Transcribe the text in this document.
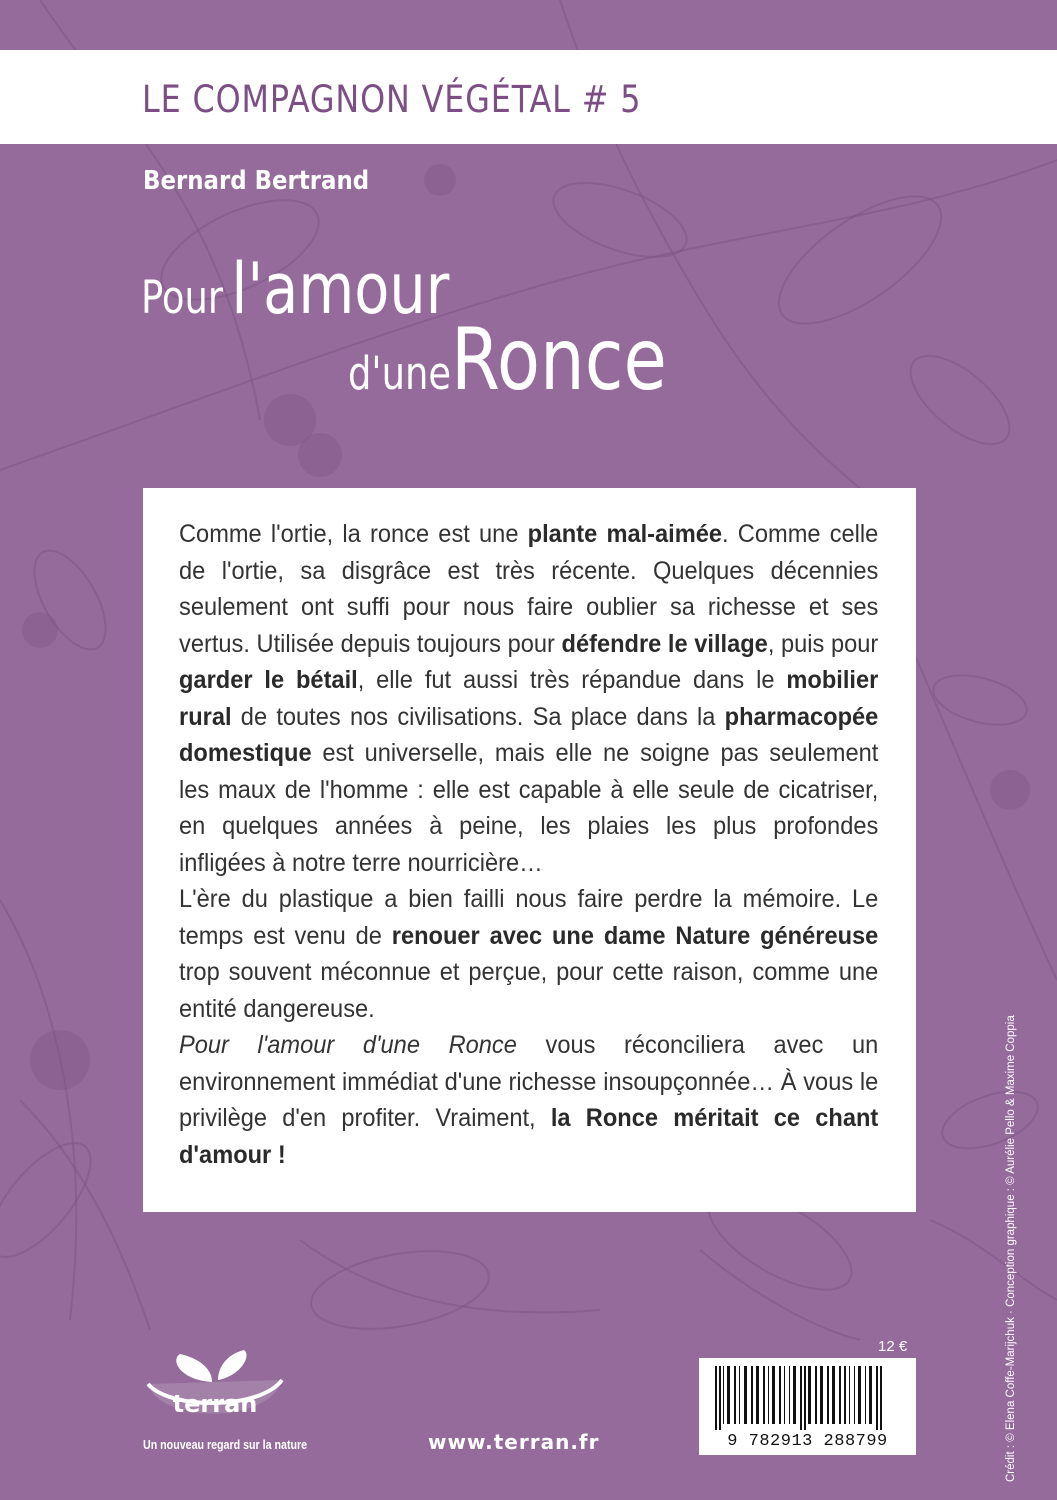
LE COMPAGNON VÉGÉTAL # 5

Bernard Bertrand

Pour l'amour
d'uneRonce

Comme l'ortie, la ronce est une plante mal-aimée. Comme celle de l'ortie, sa disgrâce est très récente. Quelques décennies seulement ont suffi pour nous faire oublier sa richesse et ses vertus. Utilisée depuis toujours pour défendre le village, puis pour garder le bétail, elle fut aussi très répandue dans le mobilier rural de toutes nos civilisations. Sa place dans la pharmacopée domestique est universelle, mais elle ne soigne pas seulement les maux de l'homme : elle est capable à elle seule de cicatriser, en quelques années à peine, les plaies les plus profondes infligées à notre terre nourricière…

L'ère du plastique a bien failli nous faire perdre la mémoire. Le temps est venu de renouer avec une dame Nature généreuse trop souvent méconnue et perçue, pour cette raison, comme une entité dangereuse.

Pour l'amour d'une Ronce vous réconciliera avec un environnement immédiat d'une richesse insoupçonnée… À vous le privilège d'en profiter. Vraiment, la Ronce méritait ce chant d'amour !	Crédit : © Elena Coffe-Marijchuk · Conception graphique : © Aurélie Pello & Maxime Coppia

12 €

9 782913 288799
terran

Un nouveau regard sur la nature	www.terran.fr
